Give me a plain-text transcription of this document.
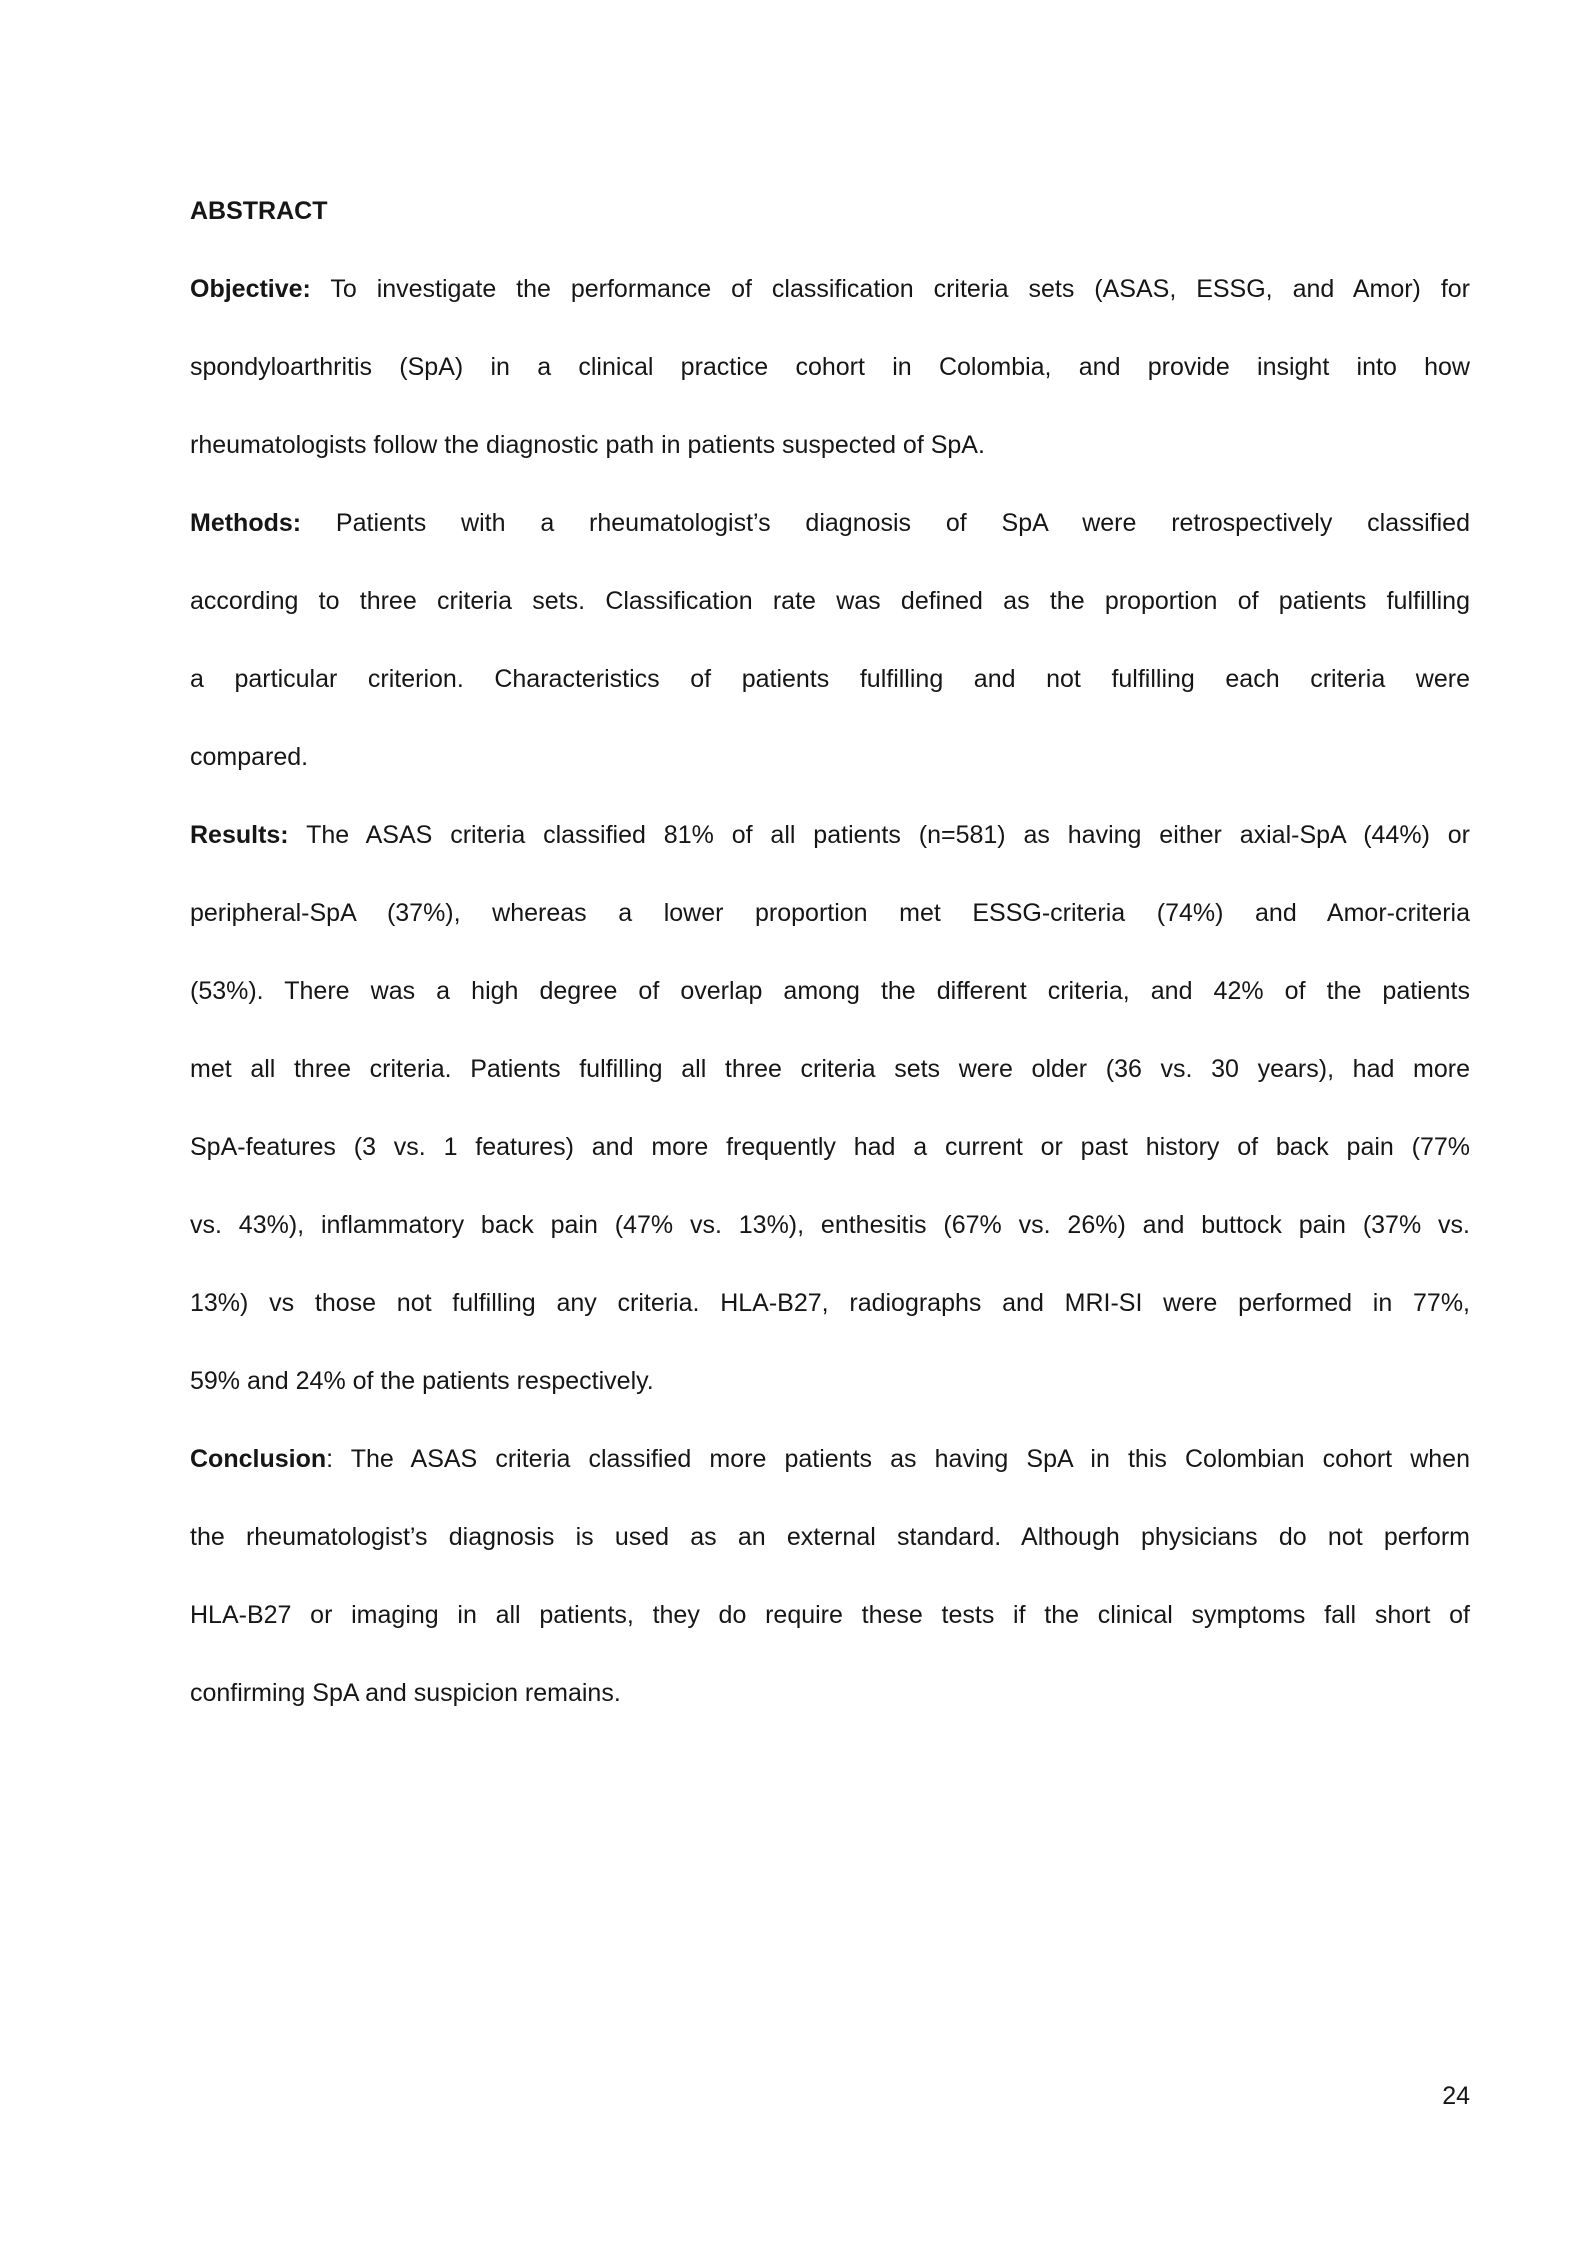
ABSTRACT
Objective: To investigate the performance of classification criteria sets (ASAS, ESSG, and Amor) for
spondyloarthritis (SpA) in a clinical practice cohort in Colombia, and provide insight into how
rheumatologists follow the diagnostic path in patients suspected of SpA.
Methods: Patients with a rheumatologist’s diagnosis of SpA were retrospectively classified
according to three criteria sets. Classification rate was defined as the proportion of patients fulfilling
a particular criterion. Characteristics of patients fulfilling and not fulfilling each criteria were
compared.
Results: The ASAS criteria classified 81% of all patients (n=581) as having either axial-SpA (44%) or
peripheral-SpA (37%), whereas a lower proportion met ESSG-criteria (74%) and Amor-criteria
(53%). There was a high degree of overlap among the different criteria, and 42% of the patients
met all three criteria. Patients fulfilling all three criteria sets were older (36 vs. 30 years), had more
SpA-features (3 vs. 1 features) and more frequently had a current or past history of back pain (77%
vs. 43%), inflammatory back pain (47% vs. 13%), enthesitis (67% vs. 26%) and buttock pain (37% vs.
13%) vs those not fulfilling any criteria. HLA-B27, radiographs and MRI-SI were performed in 77%,
59% and 24% of the patients respectively.
Conclusion: The ASAS criteria classified more patients as having SpA in this Colombian cohort when
the rheumatologist’s diagnosis is used as an external standard. Although physicians do not perform
HLA-B27 or imaging in all patients, they do require these tests if the clinical symptoms fall short of
confirming SpA and suspicion remains.
24
